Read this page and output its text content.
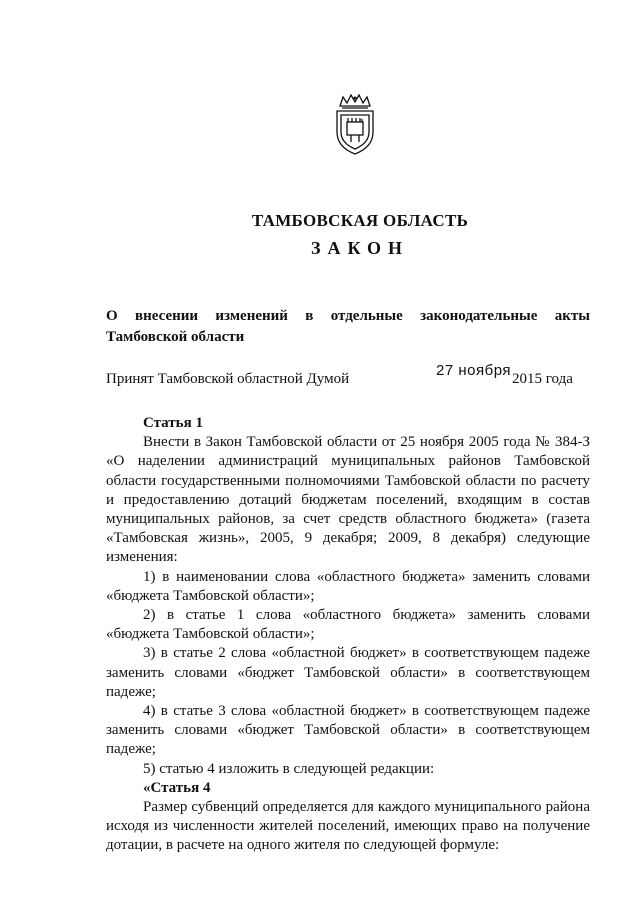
ТАМБОВСКАЯ ОБЛАСТЬ
ЗАКОН
О внесении изменений в отдельные законодательные акты Тамбовской области
Принят Тамбовской областной Думой	27 ноября 2015 года

Статья 1

Внести в Закон Тамбовской области от 25 ноября 2005 года № 384-З «О наделении администраций муниципальных районов Тамбовской области государственными полномочиями Тамбовской области по расчету и предоставлению дотаций бюджетам поселений, входящим в состав муниципальных районов, за счет средств областного бюджета» (газета «Тамбовская жизнь», 2005, 9 декабря; 2009, 8 декабря) следующие изменения:

1) в наименовании слова «областного бюджета» заменить словами «бюджета Тамбовской области»;

2) в статье 1 слова «областного бюджета» заменить словами «бюджета Тамбовской области»;

3) в статье 2 слова «областной бюджет» в соответствующем падеже заменить словами «бюджет Тамбовской области» в соответствующем падеже;

4) в статье 3 слова «областной бюджет» в соответствующем падеже заменить словами «бюджет Тамбовской области» в соответствующем падеже;

5) статью 4 изложить в следующей редакции:

«Статья 4

Размер субвенций определяется для каждого муниципального района исходя из численности жителей поселений, имеющих право на получение дотации, в расчете на одного жителя по следующей формуле:
